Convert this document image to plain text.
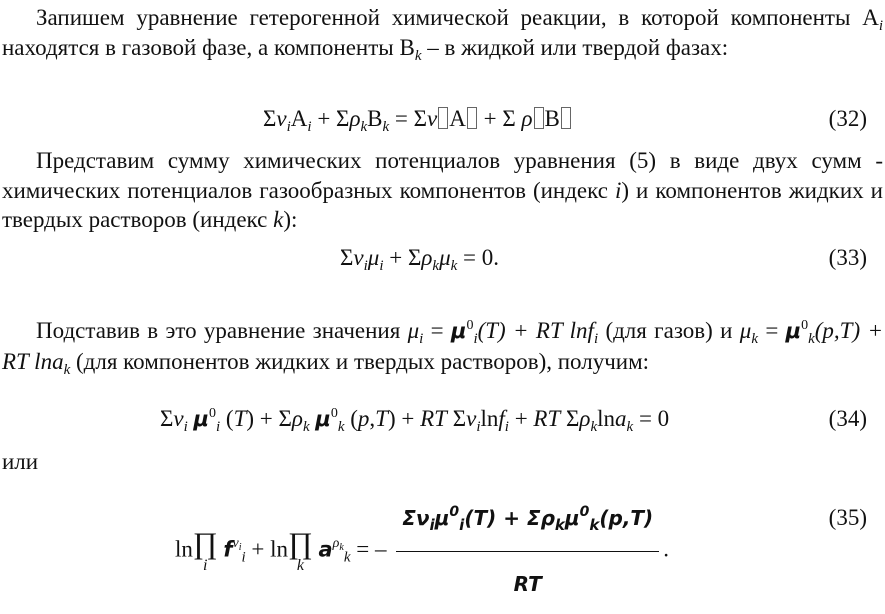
Запишем уравнение гетерогенной химической реакции, в которой компоненты $A_i$ находятся в газовой фазе, а компоненты $B_k$ – в жидкой или твердой фазах:
$\Sigma\nu_iA_i + \Sigma\rho_kB_k = \Sigma\nu$ A + Σ ρ B	(32)
Представим сумму химических потенциалов уравнения (5) в виде двух сумм - химических потенциалов газообразных компонентов (индекс i) и компонентов жидких и твердых растворов (индекс k):
$\Sigma\nu_i\mu_i + \Sigma\rho_k\mu_k = 0$.	(33)
Подставив в это уравнение значения $\mu_i = \mu^0_i(T)$ + RT lnf$_i$ (для газов) и $\mu_k = \mu^0_k(p,T)$ + RT lna$_k$ (для компонентов жидких и твердых растворов), получим:
$\Sigma\nu_i$ $\mu^0_i$ $(T) + \Sigma\rho_k$ $\mu^0_k$ (p,T) + RT $\Sigma\nu_i\ln f_i$ + RT $\Sigma\rho_k\ln a_k = 0$	(34)
или
ln ∏
i
$f^{\nu_i}_i + \ln$ ∏
k
$a^{\rho_k}_k$ = – $\frac{\Sigma\nu_i\mu^0_i(T) + \Sigma\rho_k\mu^0_k(p,T)}{RT}$ .
(35)
